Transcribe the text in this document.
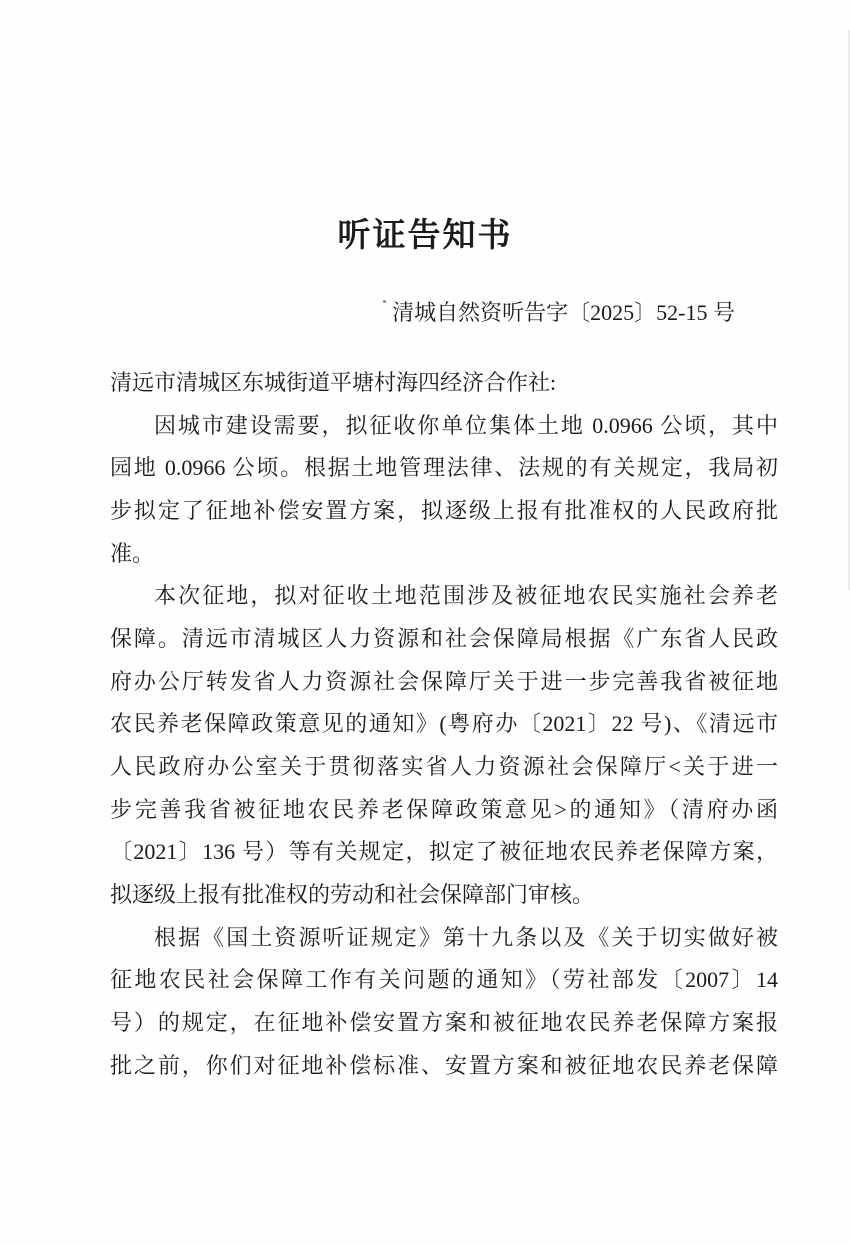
听证告知书
清城自然资听告字〔2025〕52-15 号
清远市清城区东城街道平塘村海四经济合作社:
因城市建设需要，拟征收你单位集体土地 0.0966 公顷，其中
园地 0.0966 公顷。根据土地管理法律、法规的有关规定，我局初
步拟定了征地补偿安置方案，拟逐级上报有批准权的人民政府批
准。
本次征地，拟对征收土地范围涉及被征地农民实施社会养老
保障。清远市清城区人力资源和社会保障局根据《广东省人民政
府办公厅转发省人力资源社会保障厅关于进一步完善我省被征地
农民养老保障政策意见的通知》(粤府办〔2021〕22 号)、《清远市
人民政府办公室关于贯彻落实省人力资源社会保障厅<关于进一
步完善我省被征地农民养老保障政策意见>的通知》（清府办函
〔2021〕136 号）等有关规定，拟定了被征地农民养老保障方案，
拟逐级上报有批准权的劳动和社会保障部门审核。
根据《国土资源听证规定》第十九条以及《关于切实做好被
征地农民社会保障工作有关问题的通知》（劳社部发〔2007〕14
号）的规定，在征地补偿安置方案和被征地农民养老保障方案报
批之前，你们对征地补偿标准、安置方案和被征地农民养老保障
